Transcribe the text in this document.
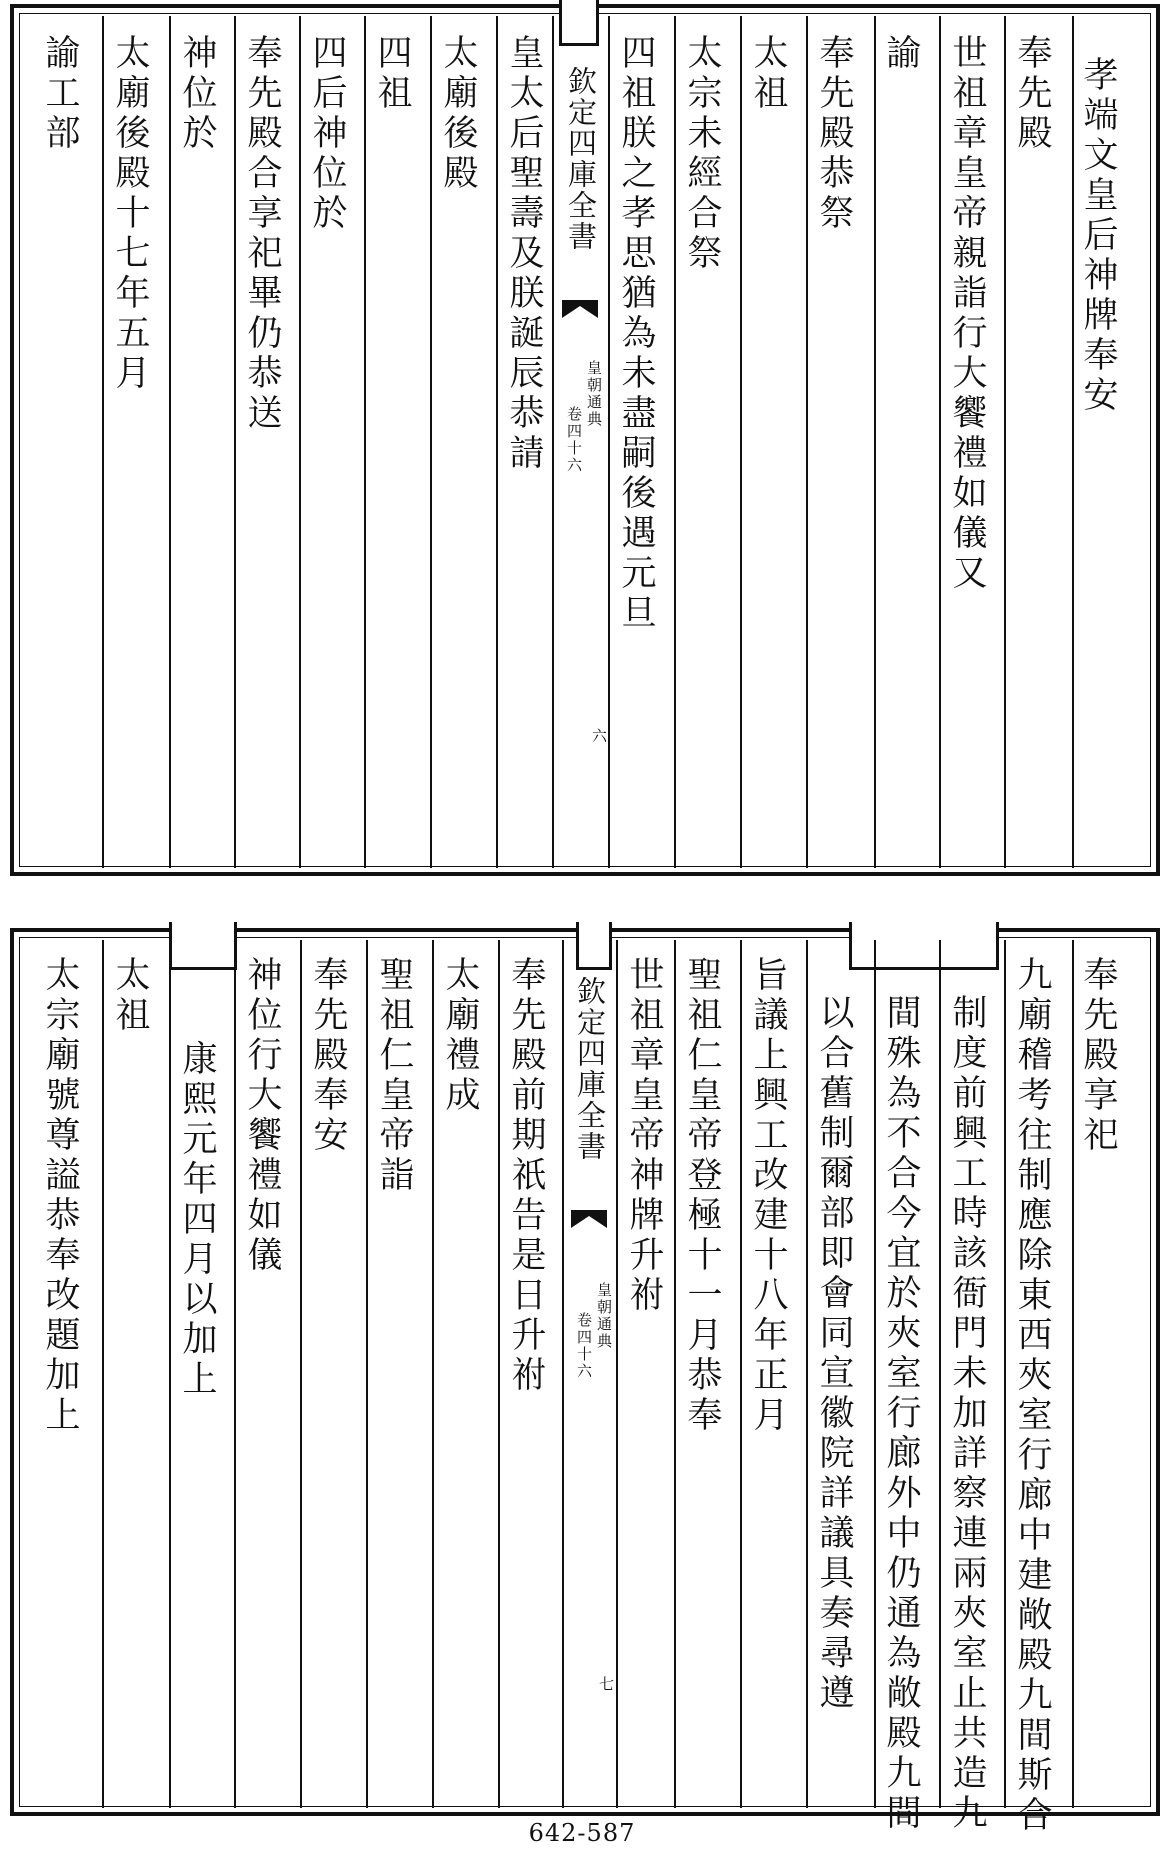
欽定四庫全書
皇朝通典
卷四十六
六
孝端文皇后神牌奉安
奉先殿
世祖章皇帝親詣行大饗禮如儀又
諭
奉先殿恭祭
太祖
太宗未經合祭
四祖朕之孝思猶為未盡嗣後遇元旦
皇太后聖壽及朕誕辰恭請
太廟後殿
四祖
四后神位於
奉先殿合享祀畢仍恭送
神位於
太廟後殿十七年五月
諭工部
欽定四庫全書
皇朝通典
卷四十六
七
奉先殿享祀
九廟稽考往制應除東西夾室行廊中建敞殿九間斯合
制度前興工時該衙門未加詳察連兩夾室止共造九
間殊為不合今宜於夾室行廊外中仍通為敞殿九間
以合舊制爾部即會同宣徽院詳議具奏尋遵
旨議上興工改建十八年正月
聖祖仁皇帝登極十一月恭奉
世祖章皇帝神牌升祔
奉先殿前期祇告是日升祔
太廟禮成
聖祖仁皇帝詣
奉先殿奉安
神位行大饗禮如儀
康熙元年四月以加上
太祖
太宗廟號尊謚恭奉改題加上
642-587
